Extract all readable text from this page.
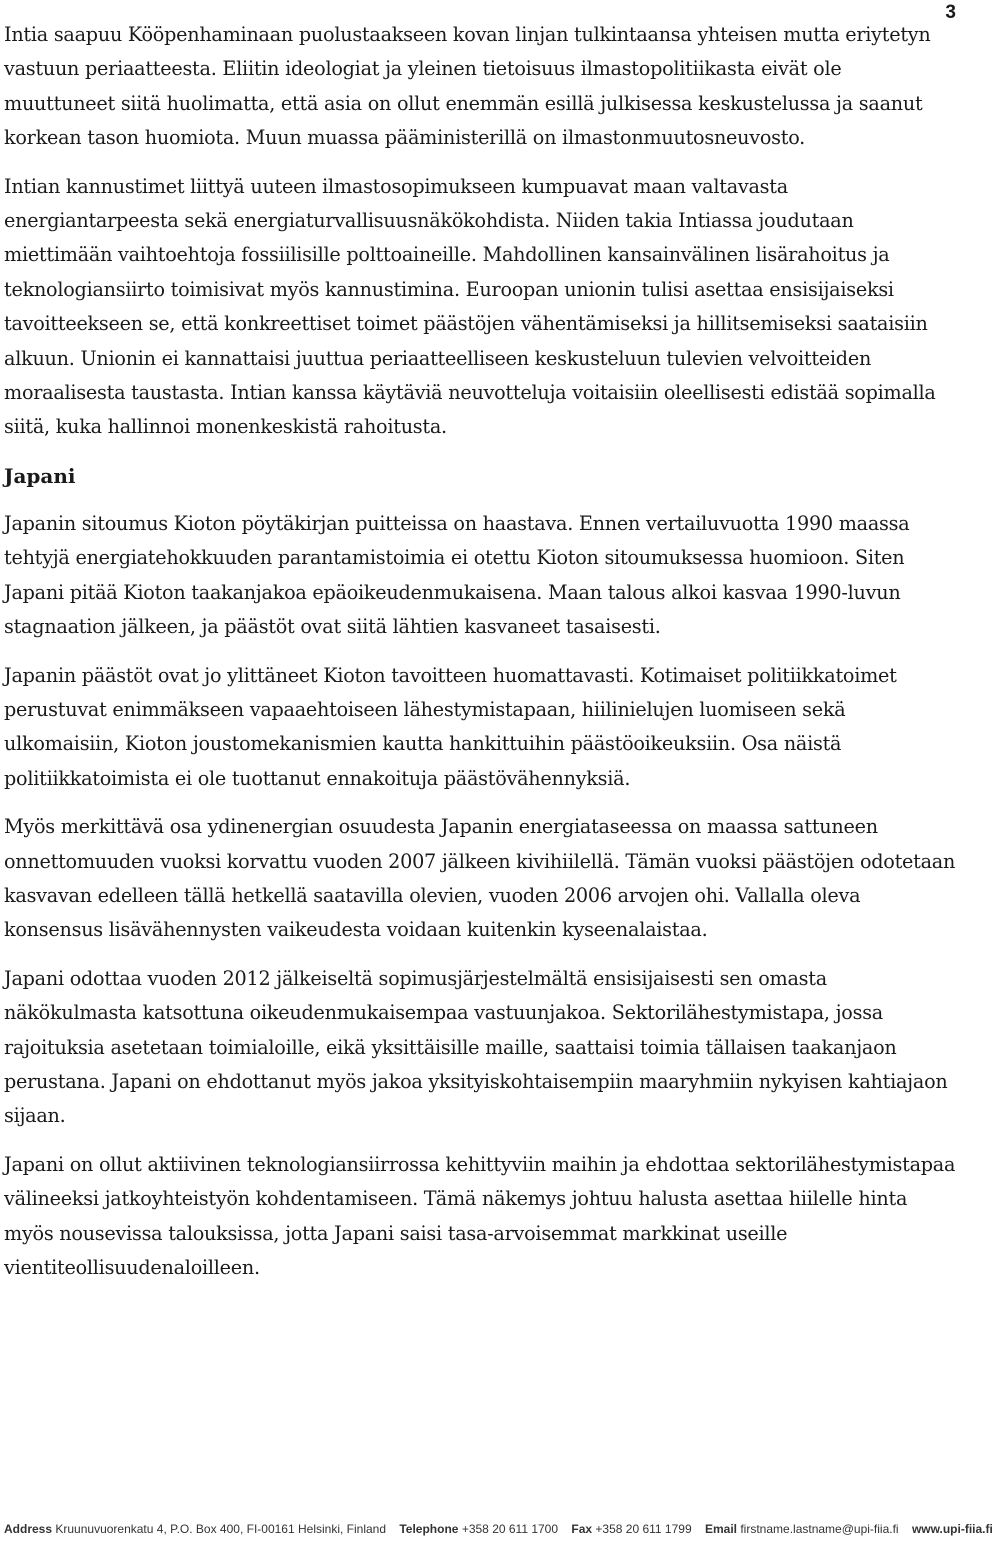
3

Intia saapuu Kööpenhaminaan puolustaakseen kovan linjan tulkintaansa yhteisen mutta eriytetyn vastuun periaatteesta. Eliitin ideologiat ja yleinen tietoisuus ilmastopolitiikasta eivät ole muuttuneet siitä huolimatta, että asia on ollut enemmän esillä julkisessa keskustelussa ja saanut korkean tason huomiota. Muun muassa pääministerillä on ilmastonmuutosneuvosto.

Intian kannustimet liittyä uuteen ilmastosopimukseen kumpuavat maan valtavasta energiantarpeesta sekä energiaturvallisuusnäkökohdista. Niiden takia Intiassa joudutaan miettimään vaihtoehtoja fossiilisille polttoaineille. Mahdollinen kansainvälinen lisärahoitus ja teknologiansiirto toimisivat myös kannustimina. Euroopan unionin tulisi asettaa ensisijaiseksi tavoitteekseen se, että konkreettiset toimet päästöjen vähentämiseksi ja hillitsemiseksi saataisiin alkuun. Unionin ei kannattaisi juuttua periaatteelliseen keskusteluun tulevien velvoitteiden moraalisesta taustasta. Intian kanssa käytäviä neuvotteluja voitaisiin oleellisesti edistää sopimalla siitä, kuka hallinnoi monenkeskistä rahoitusta.

Japani

Japanin sitoumus Kioton pöytäkirjan puitteissa on haastava. Ennen vertailuvuotta 1990 maassa tehtyjä energiatehokkuuden parantamistoimia ei otettu Kioton sitoumuksessa huomioon. Siten Japani pitää Kioton taakanjakoa epäoikeudenmukaisena. Maan talous alkoi kasvaa 1990-luvun stagnaation jälkeen, ja päästöt ovat siitä lähtien kasvaneet tasaisesti.

Japanin päästöt ovat jo ylittäneet Kioton tavoitteen huomattavasti. Kotimaiset politiikkatoimet perustuvat enimmäkseen vapaaehtoiseen lähestymistapaan, hiilinielujen luomiseen sekä ulkomaisiin, Kioton joustomekanismien kautta hankittuihin päästöoikeuksiin. Osa näistä politiikkatoimista ei ole tuottanut ennakoituja päästövähennyksiä.

Myös merkittävä osa ydinenergian osuudesta Japanin energiataseessa on maassa sattuneen onnettomuuden vuoksi korvattu vuoden 2007 jälkeen kivihiilellä. Tämän vuoksi päästöjen odotetaan kasvavan edelleen tällä hetkellä saatavilla olevien, vuoden 2006 arvojen ohi. Vallalla oleva konsensus lisävähennysten vaikeudesta voidaan kuitenkin kyseenalaistaa.

Japani odottaa vuoden 2012 jälkeiseltä sopimusjärjestelmältä ensisijaisesti sen omasta näkökulmasta katsottuna oikeudenmukaisempaa vastuunjakoa. Sektorilähestymistapa, jossa rajoituksia asetetaan toimialoille, eikä yksittäisille maille, saattaisi toimia tällaisen taakanjaon perustana. Japani on ehdottanut myös jakoa yksityiskohtaisempiin maaryhmiin nykyisen kahtiajaon sijaan.

Japani on ollut aktiivinen teknologiansiirrossa kehittyviin maihin ja ehdottaa sektorilähestymistapaa välineeksi jatkoyhteistyön kohdentamiseen. Tämä näkemys johtuu halusta asettaa hiilelle hinta myös nousevissa talouksissa, jotta Japani saisi tasa-arvoisemmat markkinat useille vientiteollisuudenaloilleen.

Address Kruunuvuorenkatu 4, P.O. Box 400, FI-00161 Helsinki, Finland Telephone +358 20 611 1700 Fax +358 20 611 1799 Email firstname.lastname@upi-fiia.fi www.upi-fiia.fi
